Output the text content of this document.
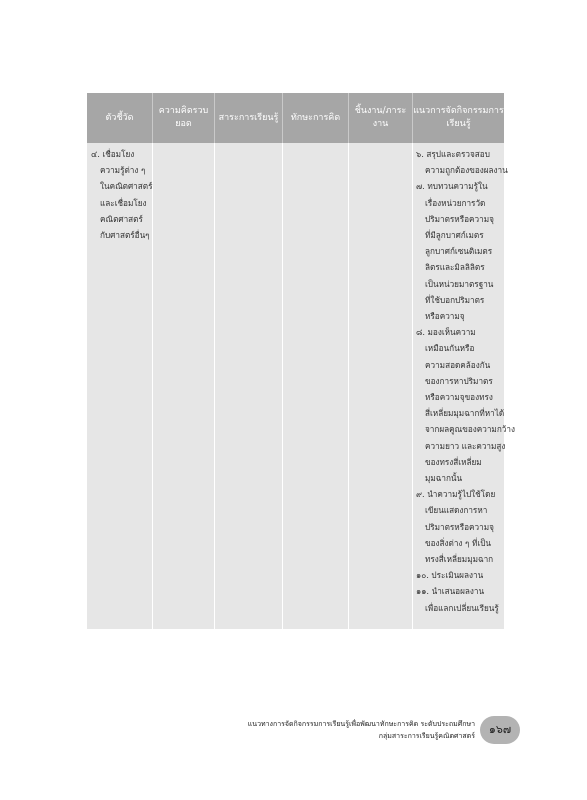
ตัวชี้วัด
ความคิดรวบยอด
สาระการเรียนรู้	ทักษะการคิด
ชิ้นงาน/ภาระงาน
แนวการจัดกิจกรรมการเรียนรู้
๔. เชื่อมโยง
ความรู้ต่าง ๆ
ในคณิตศาสตร์
และเชื่อมโยง
คณิตศาสตร์
กับศาสตร์อื่นๆ
๖. สรุปและตรวจสอบ
ความถูกต้องของผลงาน
๗. ทบทวนความรู้ใน
เรื่องหน่วยการวัด
ปริมาตรหรือความจุ
ที่มีลูกบาศก์เมตร
ลูกบาศก์เซนติเมตร
ลิตรและมิลลิลิตร
เป็นหน่วยมาตรฐาน
ที่ใช้บอกปริมาตร
หรือความจุ
๘. มองเห็นความ
เหมือนกันหรือ
ความสอดคล้องกัน
ของการหาปริมาตร
หรือความจุของทรง
สี่เหลี่ยมมุมฉากที่หาได้
จากผลคูณของความกว้าง
ความยาว และความสูง
ของทรงสี่เหลี่ยม
มุมฉากนั้น
๙. นำความรู้ไปใช้โดย
เขียนแสดงการหา
ปริมาตรหรือความจุ
ของสิ่งต่าง ๆ ที่เป็น
ทรงสี่เหลี่ยมมุมฉาก
๑๐. ประเมินผลงาน
๑๑. นำเสนอผลงาน
เพื่อแลกเปลี่ยนเรียนรู้
แนวทางการจัดกิจกรรมการเรียนรู้เพื่อพัฒนาทักษะการคิด ระดับประถมศึกษา
กลุ่มสาระการเรียนรู้คณิตศาสตร์	๑๖๗
